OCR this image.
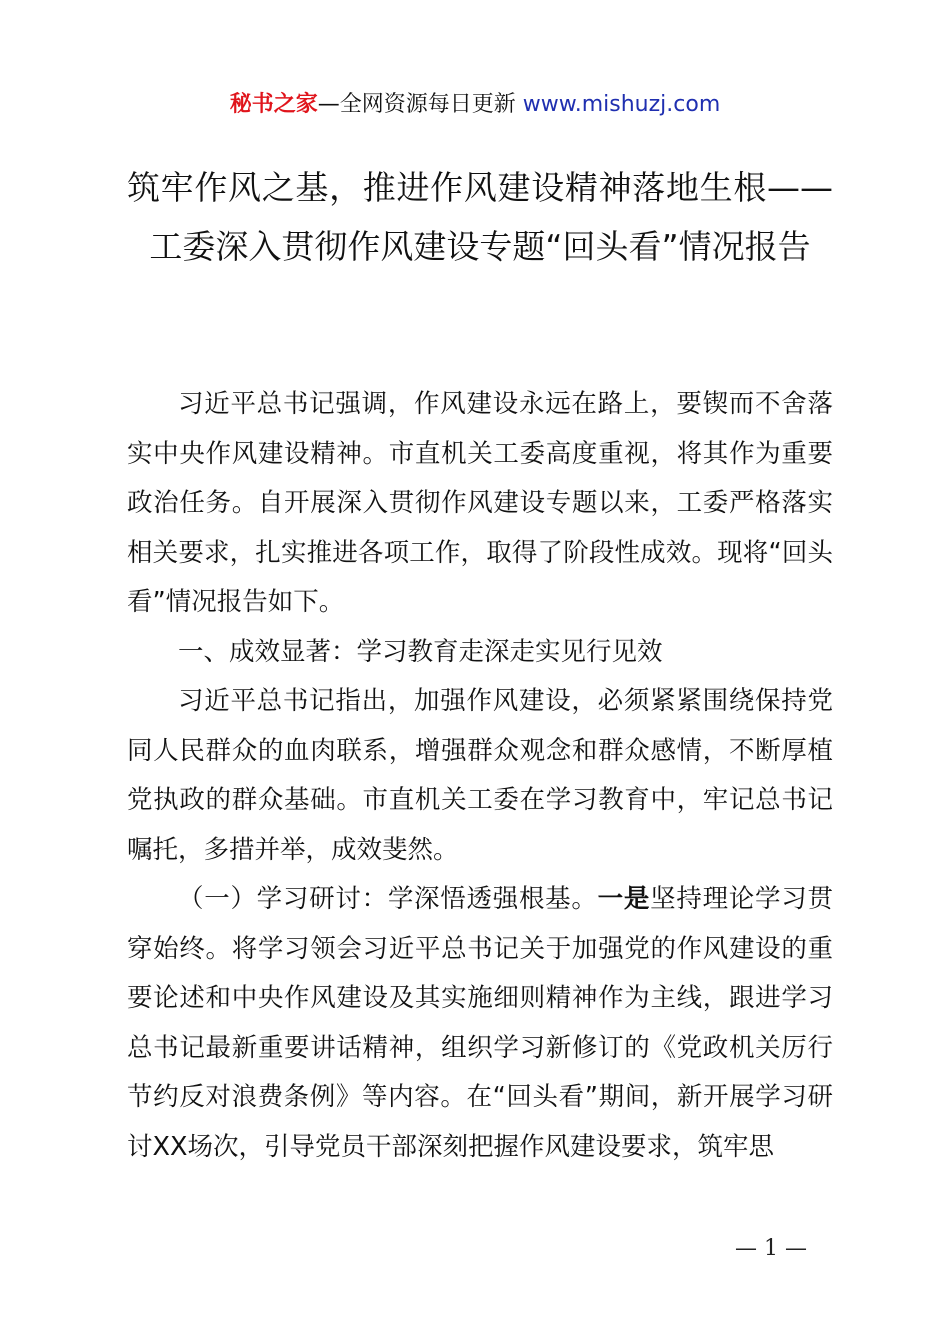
秘书之家—全网资源每日更新 www.mishuzj.com
筑牢作风之基，推进作风建设精神落地生根——工委深入贯彻作风建设专题“回头看”情况报告

习近平总书记强调，作风建设永远在路上，要锲而不舍落实中央作风建设精神。市直机关工委高度重视，将其作为重要政治任务。自开展深入贯彻作风建设专题以来，工委严格落实相关要求，扎实推进各项工作，取得了阶段性成效。现将“回头看”情况报告如下。

一、成效显著：学习教育走深走实见行见效

习近平总书记指出，加强作风建设，必须紧紧围绕保持党同人民群众的血肉联系，增强群众观念和群众感情，不断厚植党执政的群众基础。市直机关工委在学习教育中，牢记总书记嘱托，多措并举，成效斐然。

（一）学习研讨：学深悟透强根基。一是坚持理论学习贯穿始终。将学习领会习近平总书记关于加强党的作风建设的重要论述和中央作风建设及其实施细则精神作为主线，跟进学习总书记最新重要讲话精神，组织学习新修订的《党政机关厉行节约反对浪费条例》等内容。在“回头看”期间，新开展学习研讨XX场次，引导党员干部深刻把握作风建设要求，筑牢思

— 1 —
